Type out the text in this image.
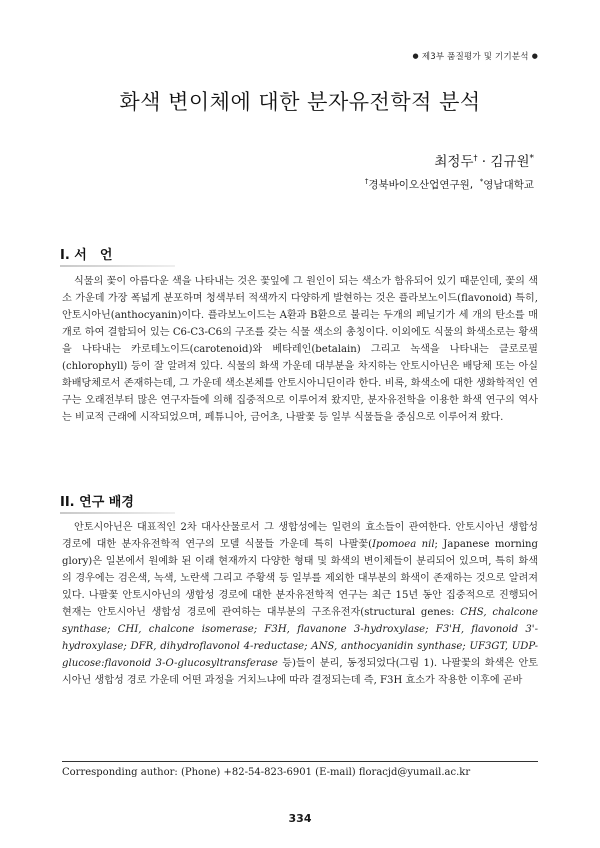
● 제3부 품질평가 및 기기분석 ●
화색 변이체에 대한 분자유전학적 분석
최정두† · 김규원*
†경북바이오산업연구원, *영남대학교
I. 서　언

식물의 꽃이 아름다운 색을 나타내는 것은 꽃잎에 그 원인이 되는 색소가 함유되어 있기 때문인데, 꽃의 색소 가운데 가장 폭넓게 분포하며 청색부터 적색까지 다양하게 발현하는 것은 플라보노이드(flavonoid) 특히, 안토시아닌(anthocyanin)이다. 플라보노이드는 A환과 B환으로 불리는 두개의 페닐기가 세 개의 탄소를 매개로 하여 결합되어 있는 C6-C3-C6의 구조를 갖는 식물 색소의 총칭이다. 이외에도 식물의 화색소로는 황색을 나타내는 카로테노이드(carotenoid)와 베타레인(betalain) 그리고 녹색을 나타내는 클로로필(chlorophyll) 등이 잘 알려져 있다. 식물의 화색 가운데 대부분을 차지하는 안토시아닌은 배당체 또는 아실화배당체로서 존재하는데, 그 가운데 색소본체를 안토시아니딘이라 한다. 비록, 화색소에 대한 생화학적인 연구는 오래전부터 많은 연구자들에 의해 집중적으로 이루어져 왔지만, 분자유전학을 이용한 화색 연구의 역사는 비교적 근래에 시작되었으며, 페튜니아, 금어초, 나팔꽃 등 일부 식물들을 중심으로 이루어져 왔다.

II. 연구 배경

안토시아닌은 대표적인 2차 대사산물로서 그 생합성에는 일련의 효소들이 관여한다. 안토시아닌 생합성 경로에 대한 분자유전학적 연구의 모델 식물들 가운데 특히 나팔꽃(Ipomoea nil; Japanese morning glory)은 일본에서 원예화 된 이래 현재까지 다양한 형태 및 화색의 변이체들이 분리되어 있으며, 특히 화색의 경우에는 검은색, 녹색, 노란색 그리고 주황색 등 일부를 제외한 대부분의 화색이 존재하는 것으로 알려져 있다. 나팔꽃 안토시아닌의 생합성 경로에 대한 분자유전학적 연구는 최근 15년 동안 집중적으로 진행되어 현재는 안토시아닌 생합성 경로에 관여하는 대부분의 구조유전자(structural genes: CHS, chalcone synthase; CHI, chalcone isomerase; F3H, flavanone 3-hydroxylase; F3'H, flavonoid 3'-hydroxylase; DFR, dihydroflavonol 4-reductase; ANS, anthocyanidin synthase; UF3GT, UDP-glucose:flavonoid 3-O-glucosyltransferase 등)들이 분리, 동정되었다(그림 1). 나팔꽃의 화색은 안토시아닌 생합성 경로 가운데 어떤 과정을 거치느냐에 따라 결정되는데 즉, F3H 효소가 작용한 이후에 곧바

Corresponding author: (Phone) +82-54-823-6901 (E-mail) floracjd@yumail.ac.kr
334
